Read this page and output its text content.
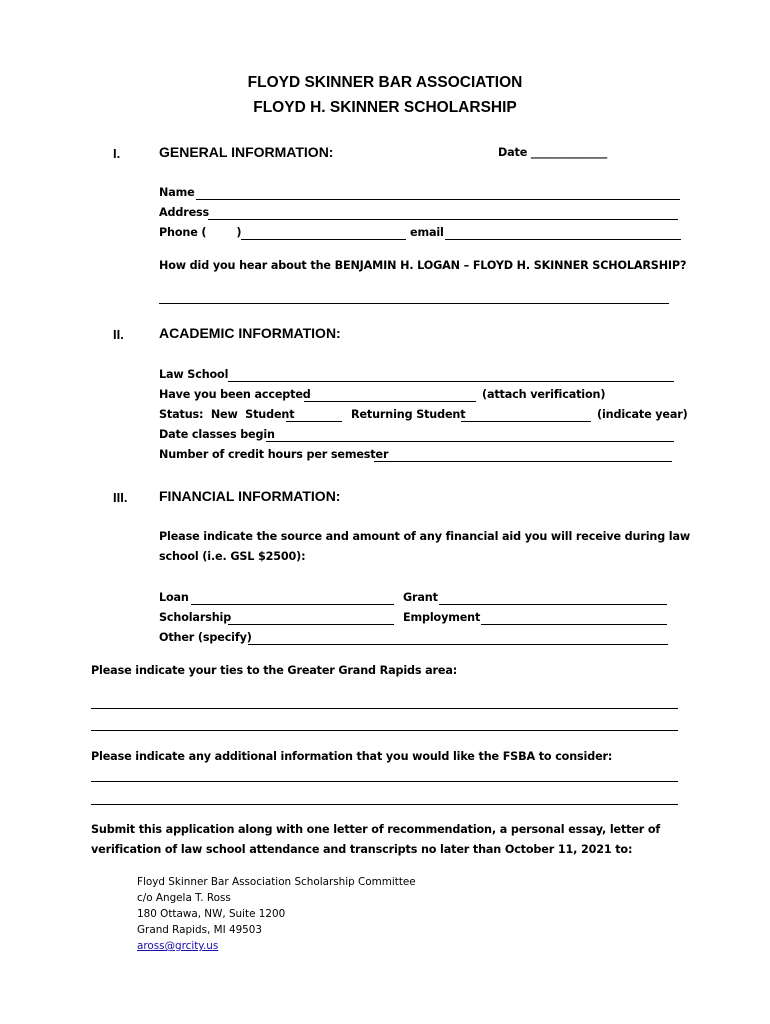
FLOYD SKINNER BAR ASSOCIATION
FLOYD H. SKINNER SCHOLARSHIP
I.	GENERAL INFORMATION:	Date ______________
Name
Address
Phone (        )	email
How did you hear about the BENJAMIN H. LOGAN – FLOYD H. SKINNER SCHOLARSHIP?
II.	ACADEMIC INFORMATION:
Law School
Have you been accepted	(attach verification)
Status:  New  Student	Returning Student	(indicate year)
Date classes begin
Number of credit hours per semester
III. FINANCIAL INFORMATION:
Please indicate the source and amount of any financial aid you will receive during law
school (i.e. GSL $2500):
Loan	Grant
Scholarship	Employment
Other (specify)
Please indicate your ties to the Greater Grand Rapids area:
Please indicate any additional information that you would like the FSBA to consider:
Submit this application along with one letter of recommendation, a personal essay, letter of
verification of law school attendance and transcripts no later than October 11, 2021 to:
Floyd Skinner Bar Association Scholarship Committee
c/o Angela T. Ross
180 Ottawa, NW, Suite 1200
Grand Rapids, MI 49503
aross@grcity.us
